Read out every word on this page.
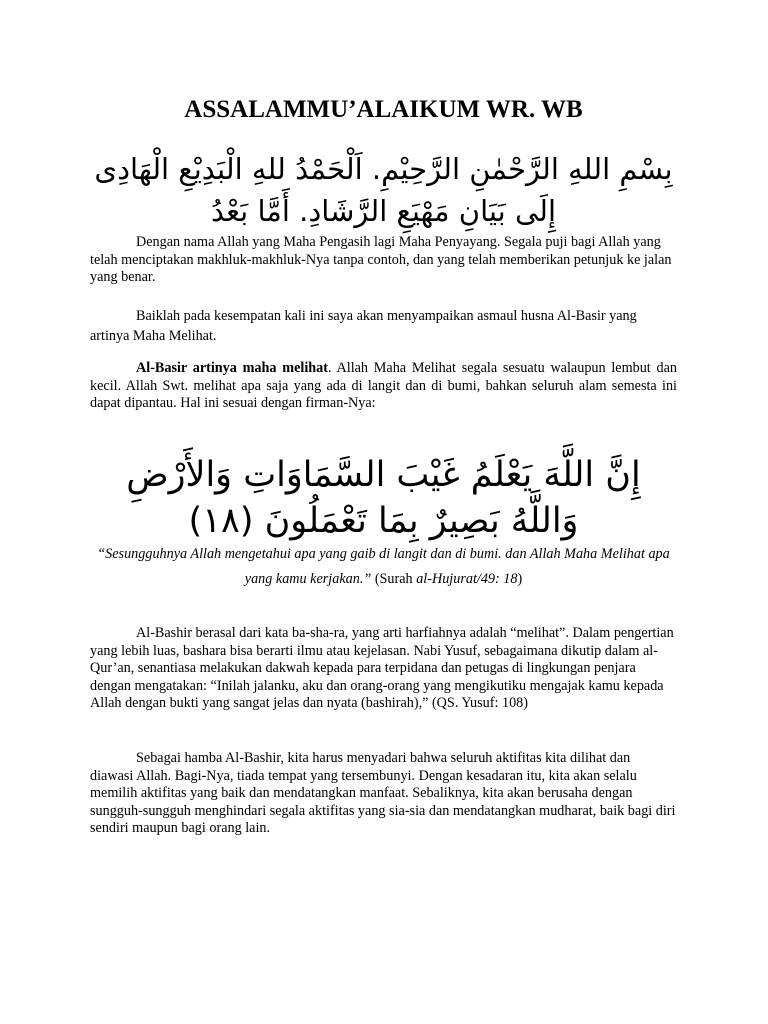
ASSALAMMU’ALAIKUM WR. WB
بِسْمِ اللهِ الرَّحْمٰنِ الرَّحِيْمِ. اَلْحَمْدُ للهِ الْبَدِيْعِ الْهَادِى إِلَى بَيَانِ مَهْيَعِ الرَّشَادِ. أَمَّا بَعْدُ
Dengan nama Allah yang Maha Pengasih lagi Maha Penyayang. Segala puji bagi Allah yang telah menciptakan makhluk-makhluk-Nya tanpa contoh, dan yang telah memberikan petunjuk ke jalan yang benar.
Baiklah pada kesempatan kali ini saya akan menyampaikan asmaul husna Al-Basir yang artinya Maha Melihat.
Al-Basir artinya maha melihat. Allah Maha Melihat segala sesuatu walaupun lembut dan kecil. Allah Swt. melihat apa saja yang ada di langit dan di bumi, bahkan seluruh alam semesta ini dapat dipantau. Hal ini sesuai dengan firman-Nya:
إِنَّ اللَّهَ يَعْلَمُ غَيْبَ السَّمَاوَاتِ وَالأَرْضِ وَاللَّهُ بَصِيرٌ بِمَا تَعْمَلُونَ (١٨)
“Sesungguhnya Allah mengetahui apa yang gaib di langit dan di bumi. dan Allah Maha Melihat apa yang kamu kerjakan.” (Surah al-Hujurat/49: 18)
Al-Bashir berasal dari kata ba-sha-ra, yang arti harfiahnya adalah “melihat”. Dalam pengertian yang lebih luas, bashara bisa berarti ilmu atau kejelasan. Nabi Yusuf, sebagaimana dikutip dalam al-Qur’an, senantiasa melakukan dakwah kepada para terpidana dan petugas di lingkungan penjara dengan mengatakan: “Inilah jalanku, aku dan orang-orang yang mengikutiku mengajak kamu kepada Allah dengan bukti yang sangat jelas dan nyata (bashirah),” (QS. Yusuf: 108)
Sebagai hamba Al-Bashir, kita harus menyadari bahwa seluruh aktifitas kita dilihat dan diawasi Allah. Bagi-Nya, tiada tempat yang tersembunyi. Dengan kesadaran itu, kita akan selalu memilih aktifitas yang baik dan mendatangkan manfaat. Sebaliknya, kita akan berusaha dengan sungguh-sungguh menghindari segala aktifitas yang sia-sia dan mendatangkan mudharat, baik bagi diri sendiri maupun bagi orang lain.
